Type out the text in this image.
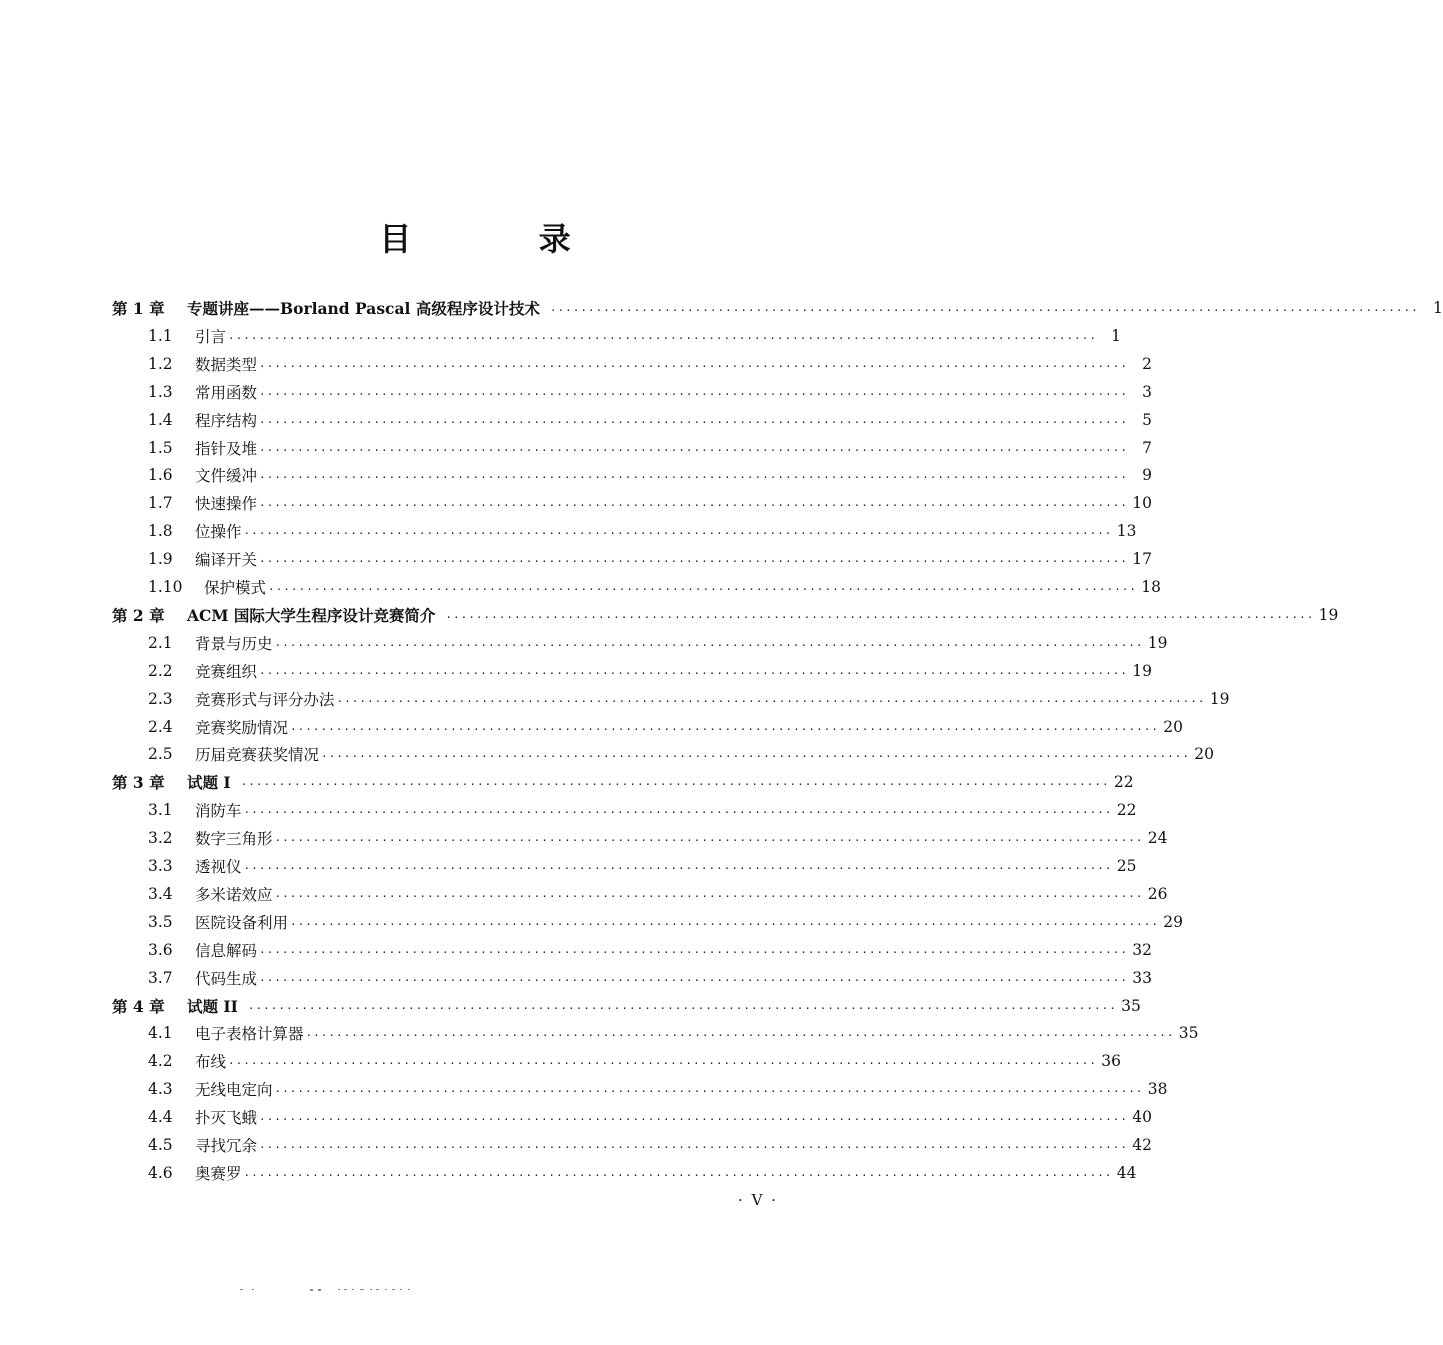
目 录
第 1 章	专题讲座——Borland Pascal 高级程序设计技术 ·················································································································· 1
1.1	引言 ·················································································································· 1
1.2	数据类型 ·················································································································· 2
1.3	常用函数 ·················································································································· 3
1.4	程序结构 ·················································································································· 5
1.5	指针及堆 ·················································································································· 7
1.6	文件缓冲 ·················································································································· 9
1.7	快速操作 ·················································································································· 10
1.8	位操作 ·················································································································· 13
1.9	编译开关 ·················································································································· 17
1.10	保护模式 ·················································································································· 18
第 2 章	ACM 国际大学生程序设计竞赛简介 ·················································································································· 19
2.1	背景与历史 ·················································································································· 19
2.2	竞赛组织 ·················································································································· 19
2.3	竞赛形式与评分办法 ·················································································································· 19
2.4	竞赛奖励情况 ·················································································································· 20
2.5	历届竞赛获奖情况 ·················································································································· 20
第 3 章	试题 I ·················································································································· 22
3.1	消防车 ·················································································································· 22
3.2	数字三角形 ·················································································································· 24
3.3	透视仪 ·················································································································· 25
3.4	多米诺效应 ·················································································································· 26
3.5	医院设备利用 ·················································································································· 29
3.6	信息解码 ·················································································································· 32
3.7	代码生成 ·················································································································· 33
第 4 章	试题 II ·················································································································· 35
4.1	电子表格计算器 ·················································································································· 35
4.2	布线 ·················································································································· 36
4.3	无线电定向 ·················································································································· 38
4.4	扑灭飞蛾 ·················································································································· 40
4.5	寻找冗余 ·················································································································· 42
4.6	奥赛罗 ·················································································································· 44
· V ·
